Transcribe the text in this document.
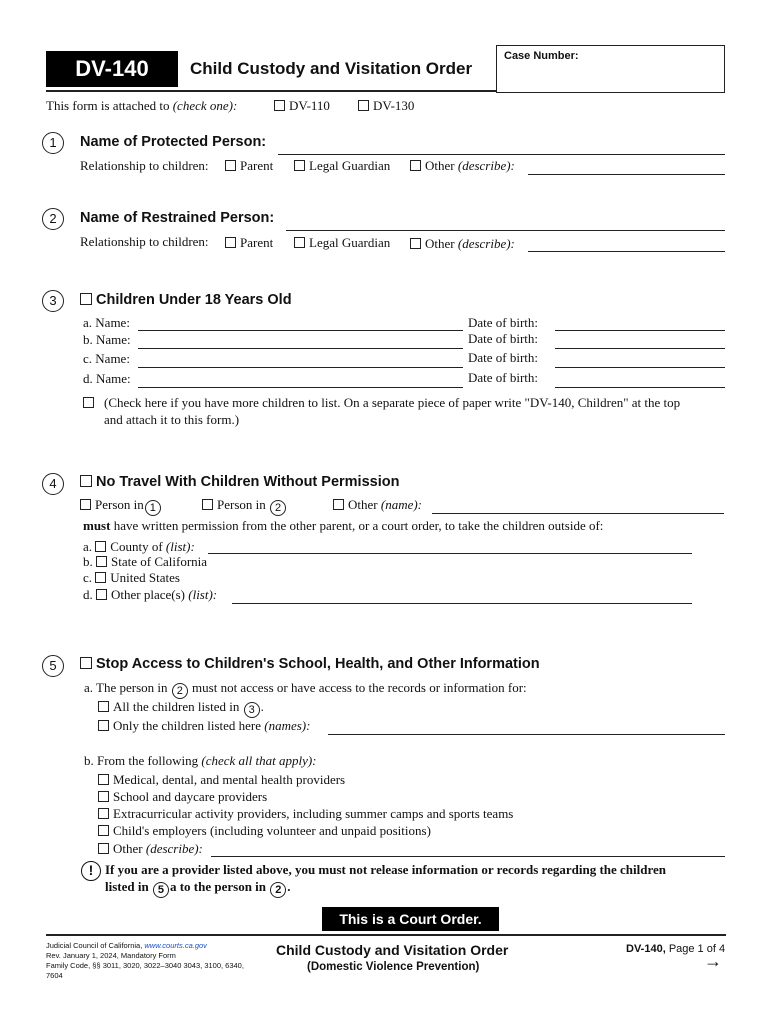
DV-140	Child Custody and Visitation Order
Case Number:
This form is attached to (check one):	DV-110	DV-130
1	Name of Protected Person:
Relationship to children:	Parent	Legal Guardian	Other (describe):
2	Name of Restrained Person:
Relationship to children:	Parent	Legal Guardian	Other (describe):
3	Children Under 18 Years Old
a. Name:	Date of birth:
b. Name:	Date of birth:
c. Name:	Date of birth:
d. Name:	Date of birth:
(Check here if you have more children to list. On a separate piece of paper write "DV-140, Children" at the top
and attach it to this form.)
4	No Travel With Children Without Permission
Person in 1	Person in 2	Other (name):
must have written permission from the other parent, or a court order, to take the children outside of:
a. County of (list):
b. State of California
c. United States
d. Other place(s) (list):
5	Stop Access to Children's School, Health, and Other Information
a. The person in 2 must not access or have access to the records or information for:
All the children listed in 3 .
Only the children listed here (names):
b. From the following (check all that apply):
Medical, dental, and mental health providers
School and daycare providers
Extracurricular activity providers, including summer camps and sports teams
Child's employers (including volunteer and unpaid positions)
Other (describe):
! If you are a provider listed above, you must not release information or records regarding the children
listed in 5 a to the person in 2 .
This is a Court Order.
Judicial Council of California, www.courts.ca.gov
Rev. January 1, 2024, Mandatory Form
Family Code, §§ 3011, 3020, 3022–3040 3043, 3100, 6340,
7604
Child Custody and Visitation Order
(Domestic Violence Prevention)
DV-140, Page 1 of 4
→
